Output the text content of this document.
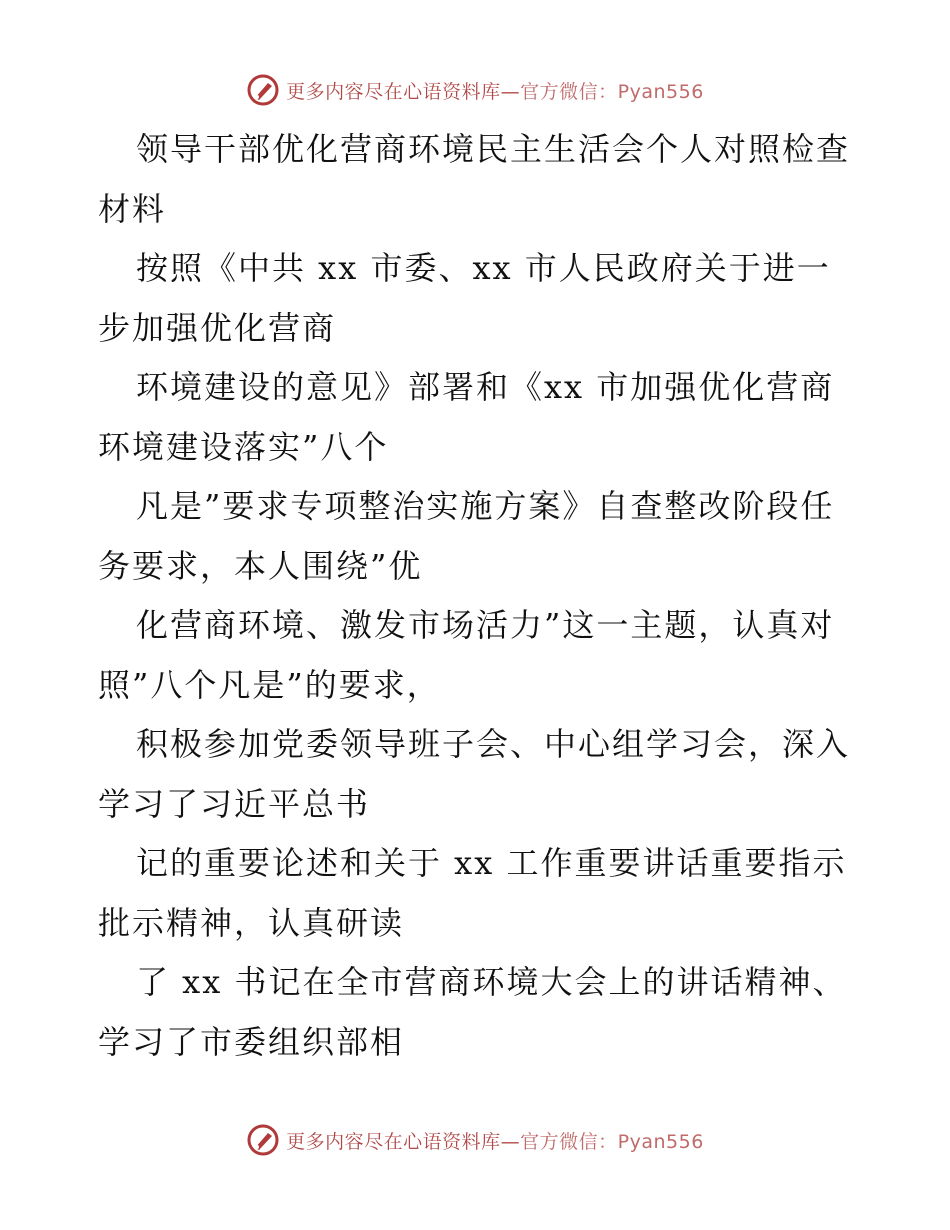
更多内容尽在心语资料库—官方微信：Pyan556
领导干部优化营商环境民主生活会个人对照检查
材料
按照《中共 xx 市委、xx 市人民政府关于进一
步加强优化营商
环境建设的意见》部署和《xx 市加强优化营商
环境建设落实”八个
凡是”要求专项整治实施方案》自查整改阶段任
务要求，本人围绕”优
化营商环境、激发市场活力”这一主题，认真对
照”八个凡是”的要求，
积极参加党委领导班子会、中心组学习会，深入
学习了习近平总书
记的重要论述和关于 xx 工作重要讲话重要指示
批示精神，认真研读
了 xx 书记在全市营商环境大会上的讲话精神、
学习了市委组织部相
更多内容尽在心语资料库—官方微信：Pyan556
